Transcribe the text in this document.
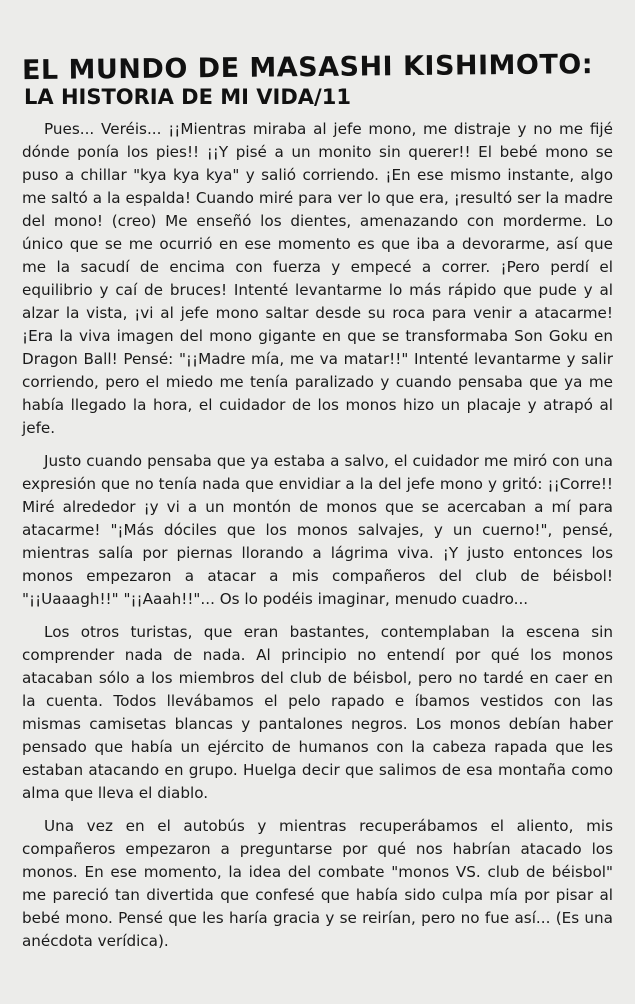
EL MUNDO DE MASASHI KISHIMOTO:
LA HISTORIA DE MI VIDA/11

Pues... Veréis... ¡¡Mientras miraba al jefe mono, me distraje y no me fijé dónde ponía los pies!! ¡¡Y pisé a un monito sin querer!! El bebé mono se puso a chillar "kya kya kya" y salió corriendo. ¡En ese mismo instante, algo me saltó a la espalda! Cuando miré para ver lo que era, ¡resultó ser la madre del mono! (creo) Me enseñó los dientes, amenazando con morderme. Lo único que se me ocurrió en ese momento es que iba a devorarme, así que me la sacudí de encima con fuerza y empecé a correr. ¡Pero perdí el equilibrio y caí de bruces! Intenté levantarme lo más rápido que pude y al alzar la vista, ¡vi al jefe mono saltar desde su roca para venir a atacarme! ¡Era la viva imagen del mono gigante en que se transformaba Son Goku en Dragon Ball! Pensé: "¡¡Madre mía, me va matar!!" Intenté levantarme y salir corriendo, pero el miedo me tenía paralizado y cuando pensaba que ya me había llegado la hora, el cuidador de los monos hizo un placaje y atrapó al jefe.

Justo cuando pensaba que ya estaba a salvo, el cuidador me miró con una expresión que no tenía nada que envidiar a la del jefe mono y gritó: ¡¡Corre!! Miré alrededor ¡y vi a un montón de monos que se acercaban a mí para atacarme! "¡Más dóciles que los monos salvajes, y un cuerno!", pensé, mientras salía por piernas llorando a lágrima viva. ¡Y justo entonces los monos empezaron a atacar a mis compañeros del club de béisbol! "¡¡Uaaagh!!" "¡¡Aaah!!"... Os lo podéis imaginar, menudo cuadro...

Los otros turistas, que eran bastantes, contemplaban la escena sin comprender nada de nada. Al principio no entendí por qué los monos atacaban sólo a los miembros del club de béisbol, pero no tardé en caer en la cuenta. Todos llevábamos el pelo rapado e íbamos vestidos con las mismas camisetas blancas y pantalones negros. Los monos debían haber pensado que había un ejército de humanos con la cabeza rapada que les estaban atacando en grupo. Huelga decir que salimos de esa montaña como alma que lleva el diablo.

Una vez en el autobús y mientras recuperábamos el aliento, mis compañeros empezaron a preguntarse por qué nos habrían atacado los monos. En ese momento, la idea del combate "monos VS. club de béisbol" me pareció tan divertida que confesé que había sido culpa mía por pisar al bebé mono. Pensé que les haría gracia y se reirían, pero no fue así... (Es una anécdota verídica).
